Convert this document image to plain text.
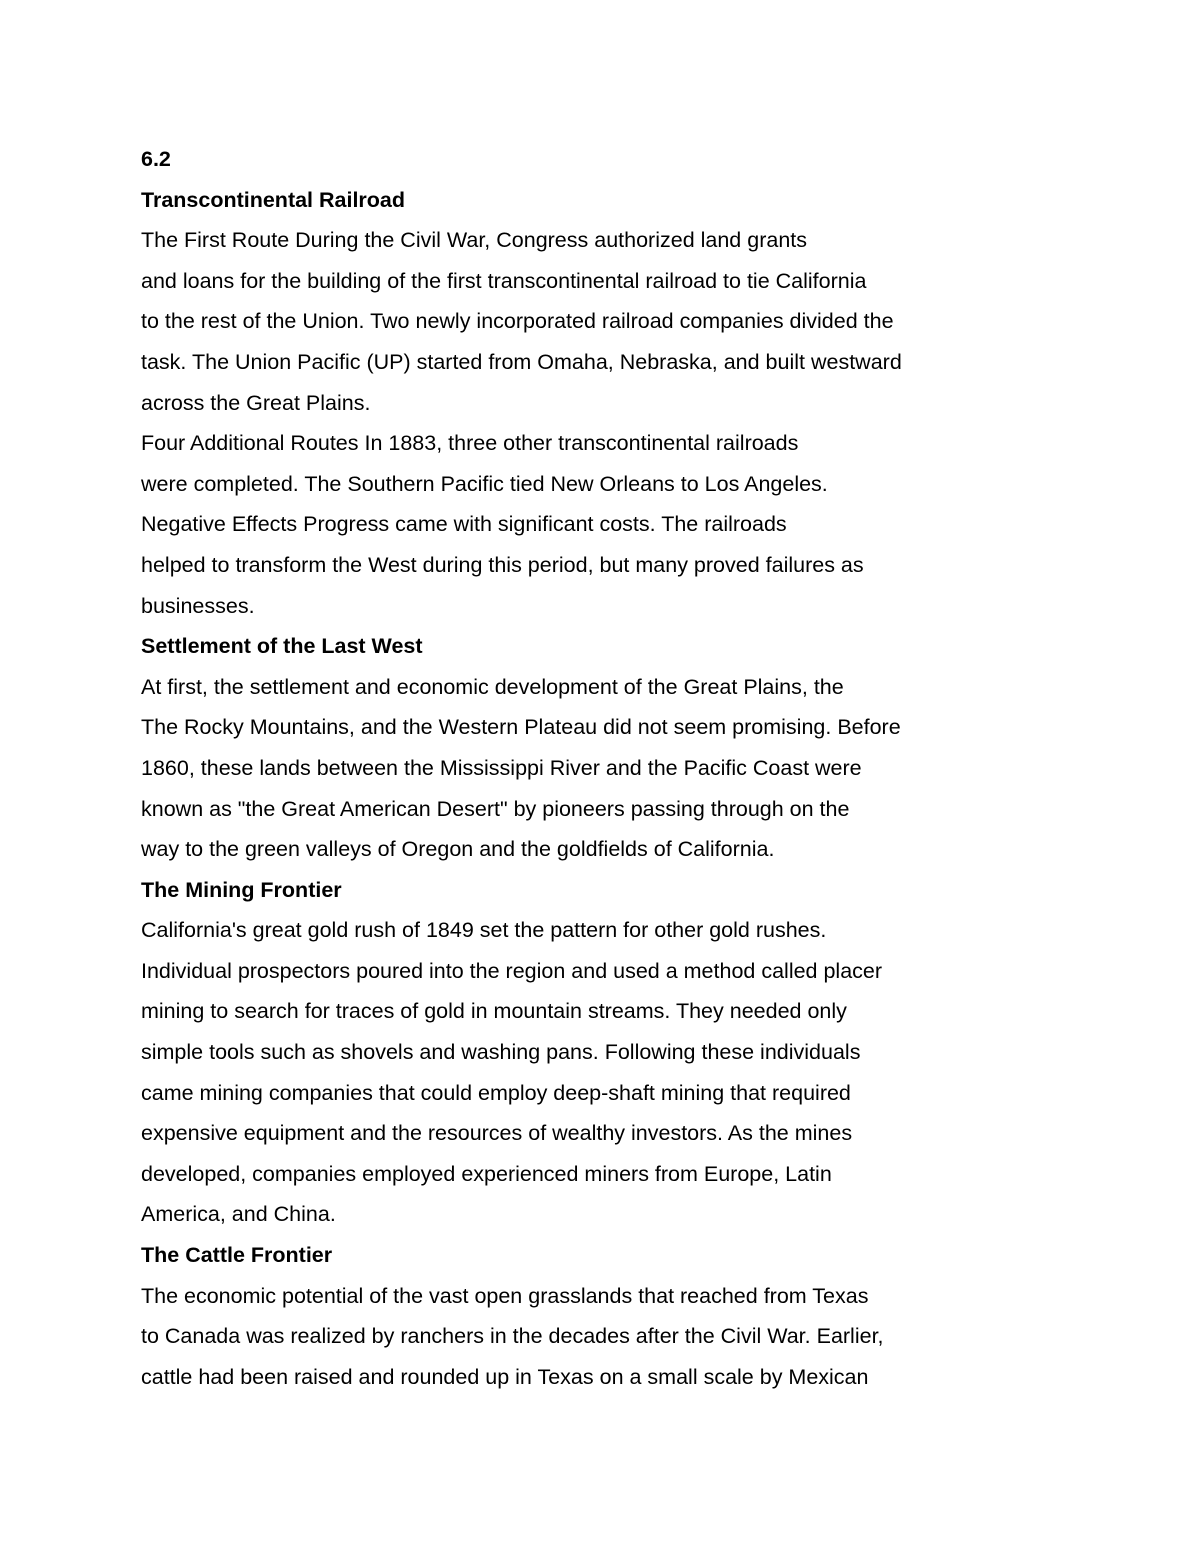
6.2

Transcontinental Railroad

The First Route During the Civil War, Congress authorized land grants

and loans for the building of the first transcontinental railroad to tie California

to the rest of the Union. Two newly incorporated railroad companies divided the

task. The Union Pacific (UP) started from Omaha, Nebraska, and built westward

across the Great Plains.

Four Additional Routes In 1883, three other transcontinental railroads

were completed. The Southern Pacific tied New Orleans to Los Angeles.

Negative Effects Progress came with significant costs. The railroads

helped to transform the West during this period, but many proved failures as

businesses.

Settlement of the Last West

At first, the settlement and economic development of the Great Plains, the

The Rocky Mountains, and the Western Plateau did not seem promising. Before

1860, these lands between the Mississippi River and the Pacific Coast were

known as "the Great American Desert" by pioneers passing through on the

way to the green valleys of Oregon and the goldfields of California.

The Mining Frontier

California's great gold rush of 1849 set the pattern for other gold rushes.

Individual prospectors poured into the region and used a method called placer

mining to search for traces of gold in mountain streams. They needed only

simple tools such as shovels and washing pans. Following these individuals

came mining companies that could employ deep-shaft mining that required

expensive equipment and the resources of wealthy investors. As the mines

developed, companies employed experienced miners from Europe, Latin

America, and China.

The Cattle Frontier

The economic potential of the vast open grasslands that reached from Texas

to Canada was realized by ranchers in the decades after the Civil War. Earlier,

cattle had been raised and rounded up in Texas on a small scale by Mexican
